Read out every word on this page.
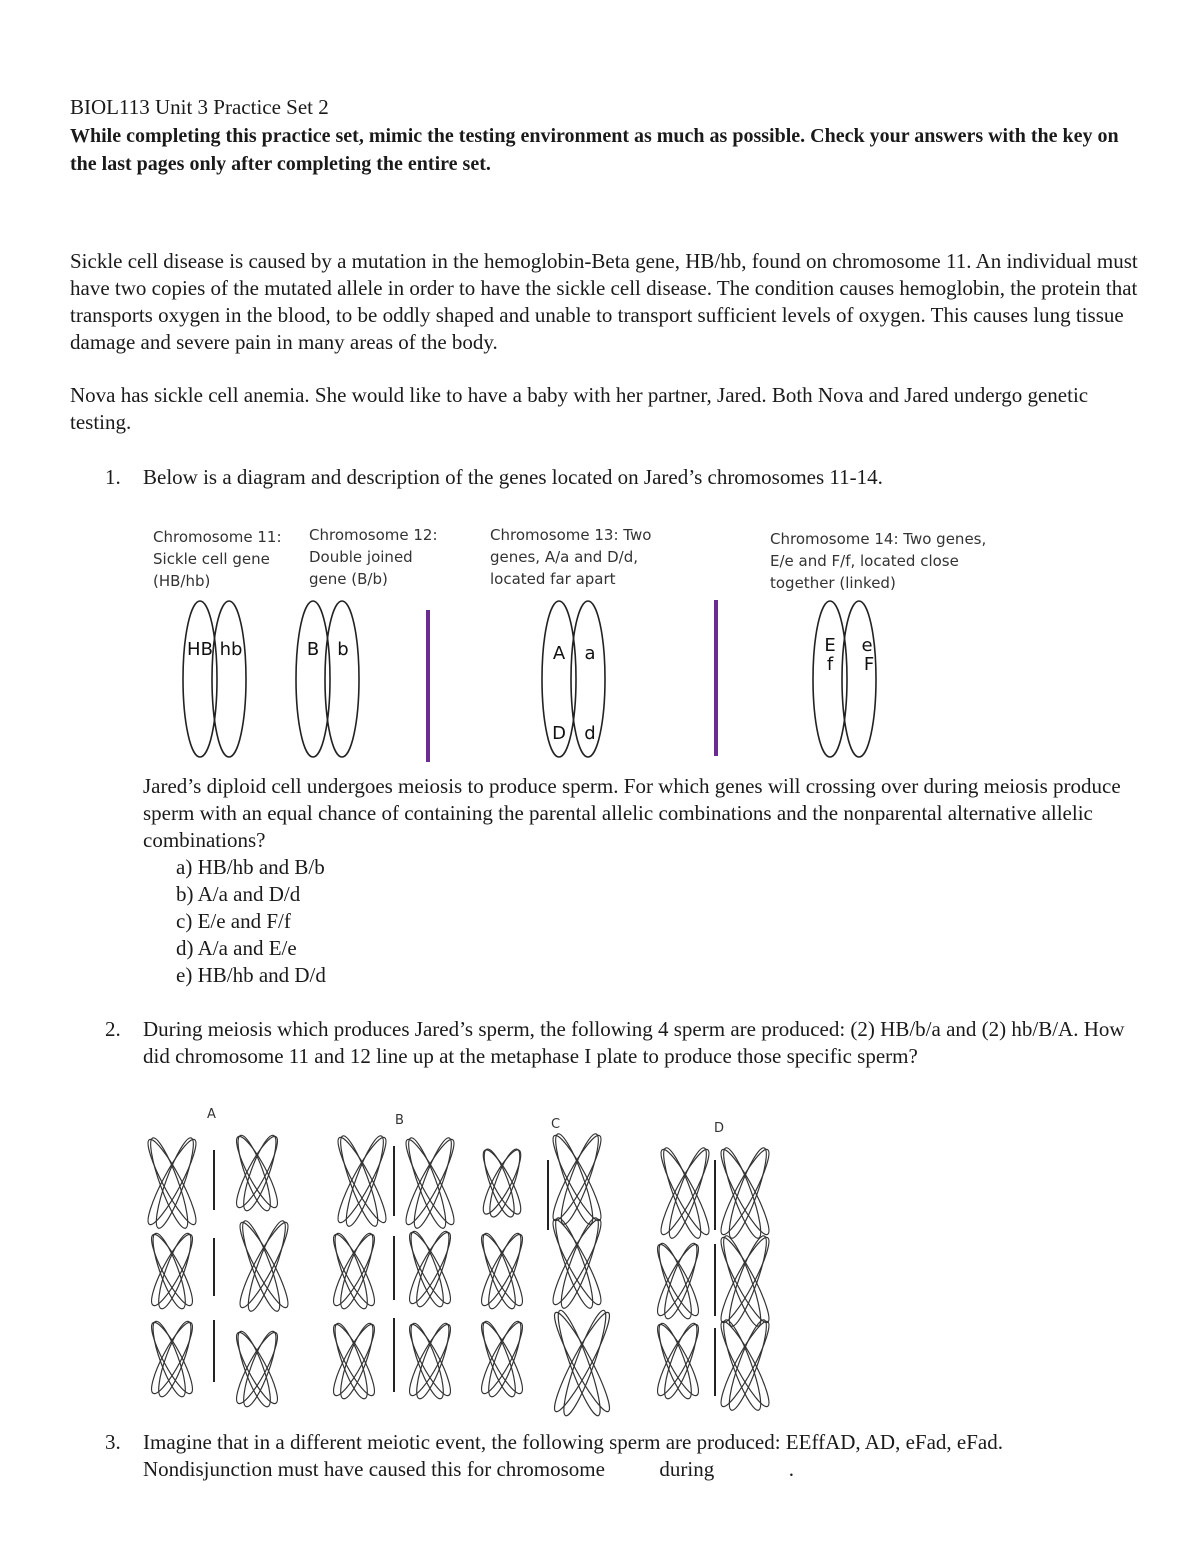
BIOL113 Unit 3 Practice Set 2
While completing this practice set, mimic the testing environment as much as possible. Check your answers with the key on the last pages only after completing the entire set.
Sickle cell disease is caused by a mutation in the hemoglobin-Beta gene, HB/hb, found on chromosome 11. An individual must have two copies of the mutated allele in order to have the sickle cell disease. The condition causes hemoglobin, the protein that transports oxygen in the blood, to be oddly shaped and unable to transport sufficient levels of oxygen. This causes lung tissue damage and severe pain in many areas of the body.
Nova has sickle cell anemia. She would like to have a baby with her partner, Jared. Both Nova and Jared undergo genetic testing.
1. Below is a diagram and description of the genes located on Jared’s chromosomes 11-14.
Chromosome 11:
Sickle cell gene
(HB/hb)
Chromosome 12:
Double joined
gene (B/b)
Chromosome 13: Two
genes, A/a and D/d,
located far apart
Chromosome 14: Two genes,
E/e and F/f, located close
together (linked)
HB hb	B b	A a
D d
E e
f F
Jared’s diploid cell undergoes meiosis to produce sperm. For which genes will crossing over during meiosis produce sperm with an equal chance of containing the parental allelic combinations and the nonparental alternative allelic combinations?
a) HB/hb and B/b
b) A/a and D/d
c) E/e and F/f
d) A/a and E/e
e) HB/hb and D/d
2. During meiosis which produces Jared’s sperm, the following 4 sperm are produced: (2) HB/b/a and (2) hb/B/A. How did chromosome 11 and 12 line up at the metaphase I plate to produce those specific sperm?
A	B	C	D
3. Imagine that in a different meiotic event, the following sperm are produced: EEffAD, AD, eFad, eFad.
Nondisjunction must have caused this for chromosome	during	.
